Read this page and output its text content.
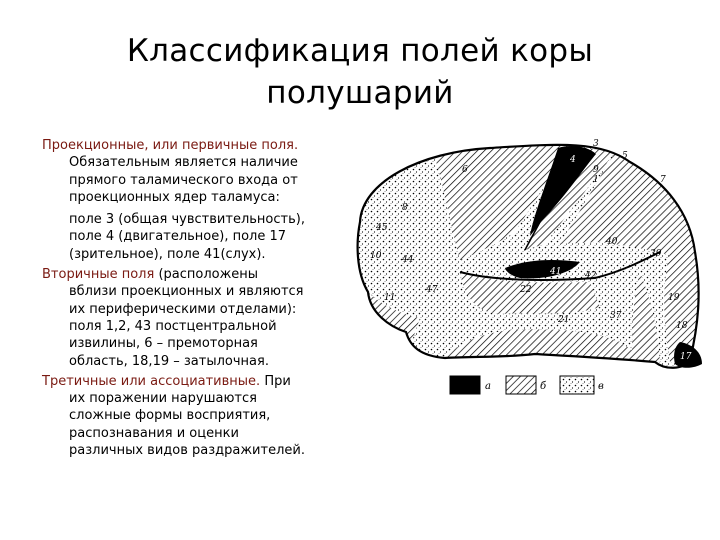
Классификация полей коры
полушарий
Проекционные, или первичные поля.
Обязательным является наличие
прямого таламического входа от
проекционных ядер таламуса:
поле 3 (общая чувствительность),
поле 4 (двигательное), поле 17
(зрительное), поле 41(слух).
Вторичные поля (расположены
вблизи проекционных и являются
их периферическими отделами):
поля 1,2, 43 постцентральной
извилины, 6 – премоторная
область, 18,19 – затылочная.
Третичные или ассоциативные. При
их поражении нарушаются
сложные формы восприятия,
распознавания и оценки
различных видов раздражителей.
3
4	5
1
6
7
8
9
45
10
40
39
44
47
11
41	42
22
21	37
19
18
17
а	б	в
